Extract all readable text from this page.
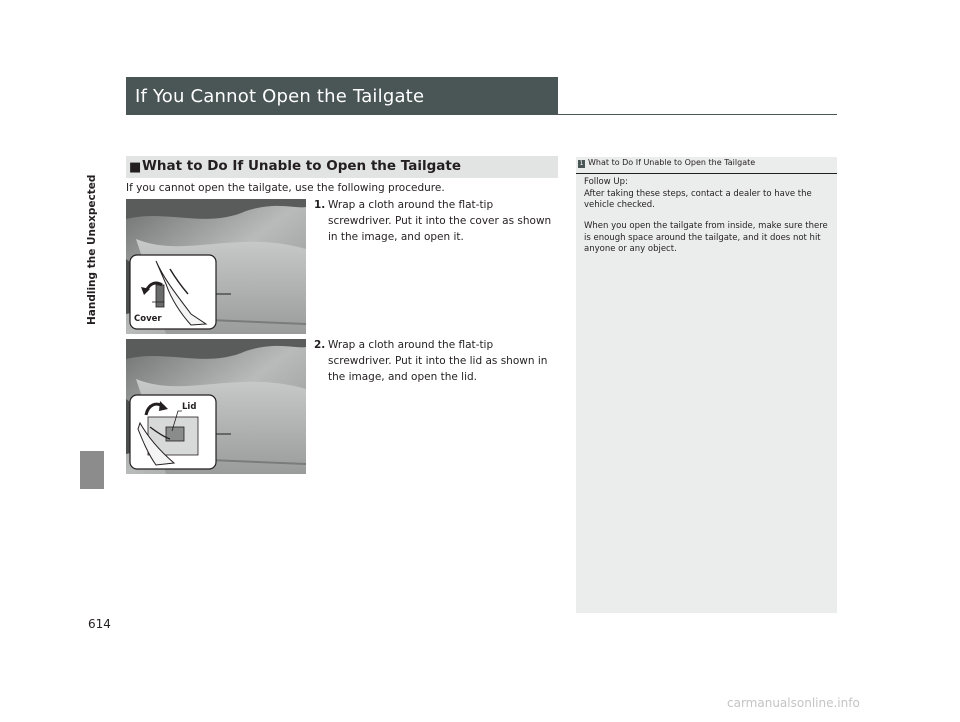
Handling the Unexpected
614
If You Cannot Open the Tailgate
■ What to Do If Unable to Open the Tailgate
If you cannot open the tailgate, use the following procedure.
Cover
1. Wrap a cloth around the flat-tip screwdriver. Put it into the cover as shown in the image, and open it.
Lid
2. Wrap a cloth around the flat-tip screwdriver. Put it into the lid as shown in the image, and open the lid.
1 What to Do If Unable to Open the Tailgate
Follow Up:

After taking these steps, contact a dealer to have the vehicle checked.

When you open the tailgate from inside, make sure there is enough space around the tailgate, and it does not hit anyone or any object.

carmanualsonline.info
